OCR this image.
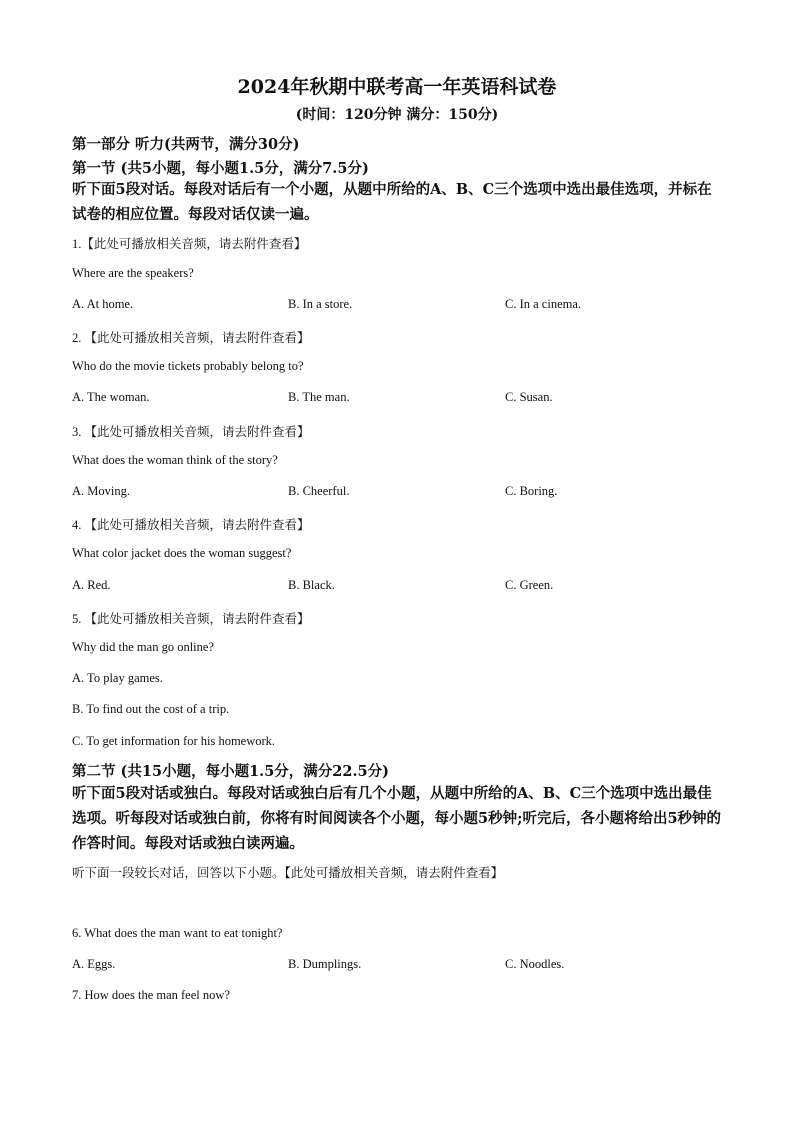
2024年秋期中联考高一年英语科试卷
(时间：120分钟 满分：150分)
第一部分 听力(共两节，满分30分)
第一节 (共5小题，每小题1.5分，满分7.5分)
听下面5段对话。每段对话后有一个小题，从题中所给的A、B、C三个选项中选出最佳选项，并标在试卷的相应位置。每段对话仅读一遍。
1.【此处可播放相关音频，请去附件查看】
Where are the speakers?
A. At home.	B. In a store.	C. In a cinema.
2. 【此处可播放相关音频，请去附件查看】
Who do the movie tickets probably belong to?
A. The woman.	B. The man.	C. Susan.
3. 【此处可播放相关音频，请去附件查看】
What does the woman think of the story?
A. Moving.	B. Cheerful.	C. Boring.
4. 【此处可播放相关音频，请去附件查看】
What color jacket does the woman suggest?
A. Red.	B. Black.	C. Green.
5. 【此处可播放相关音频，请去附件查看】
Why did the man go online?
A. To play games.
B. To find out the cost of a trip.
C. To get information for his homework.
第二节 (共15小题，每小题1.5分，满分22.5分)
听下面5段对话或独白。每段对话或独白后有几个小题，从题中所给的A、B、C三个选项中选出最佳选项。听每段对话或独白前，你将有时间阅读各个小题，每小题5秒钟;听完后，各小题将给出5秒钟的作答时间。每段对话或独白读两遍。
听下面一段较长对话，回答以下小题。【此处可播放相关音频，请去附件查看】
6. What does the man want to eat tonight?
A. Eggs.	B. Dumplings.	C. Noodles.
7. How does the man feel now?
